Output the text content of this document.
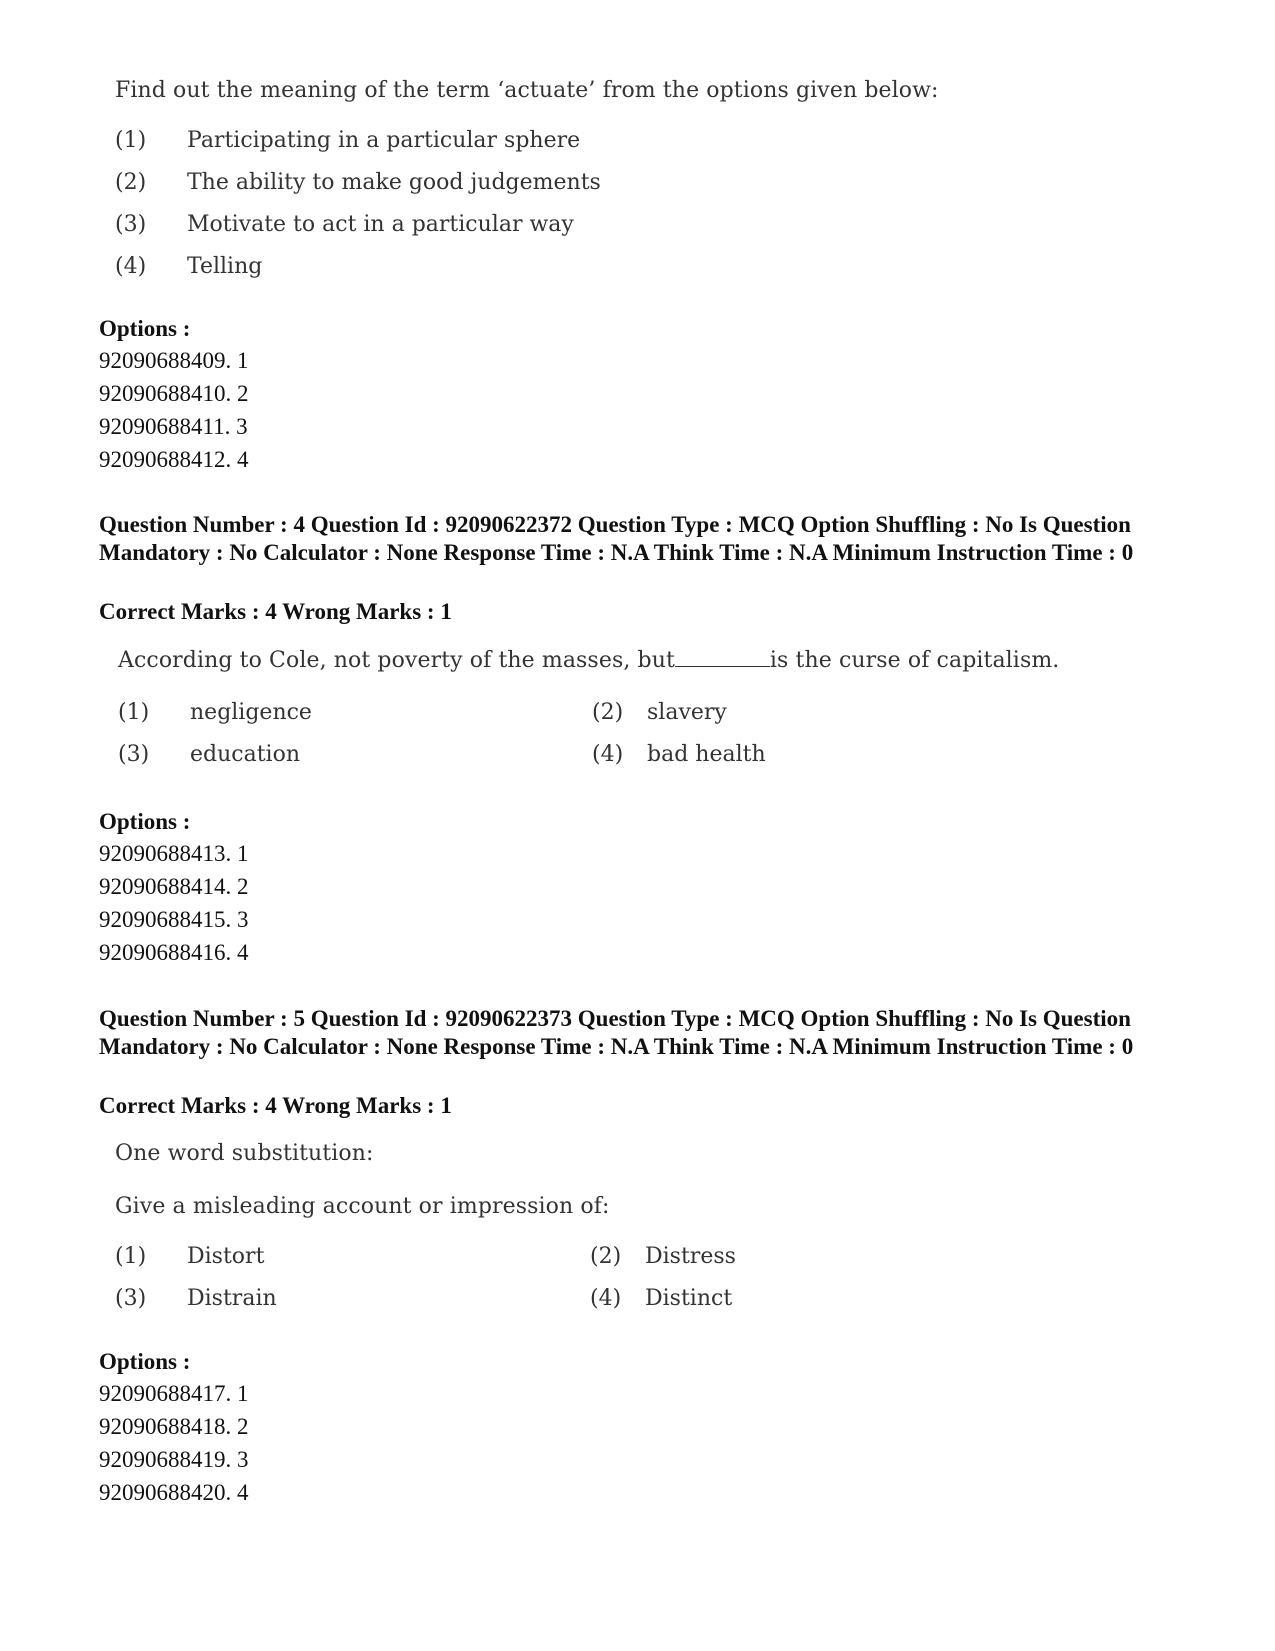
Find out the meaning of the term ‘actuate’ from the options given below:
(1) Participating in a particular sphere
(2) The ability to make good judgements
(3) Motivate to act in a particular way
(4) Telling
Options :
92090688409. 1
92090688410. 2
92090688411. 3
92090688412. 4
Question Number : 4 Question Id : 92090622372 Question Type : MCQ Option Shuffling : No Is Question Mandatory : No Calculator : None Response Time : N.A Think Time : N.A Minimum Instruction Time : 0
Correct Marks : 4 Wrong Marks : 1
According to Cole, not poverty of the masses, but	is the curse of capitalism.
(1) negligence	(2) slavery
(3) education	(4) bad health
Options :
92090688413. 1
92090688414. 2
92090688415. 3
92090688416. 4
Question Number : 5 Question Id : 92090622373 Question Type : MCQ Option Shuffling : No Is Question Mandatory : No Calculator : None Response Time : N.A Think Time : N.A Minimum Instruction Time : 0
Correct Marks : 4 Wrong Marks : 1
One word substitution:
Give a misleading account or impression of:
(1) Distort	(2) Distress
(3) Distrain	(4) Distinct
Options :
92090688417. 1
92090688418. 2
92090688419. 3
92090688420. 4
